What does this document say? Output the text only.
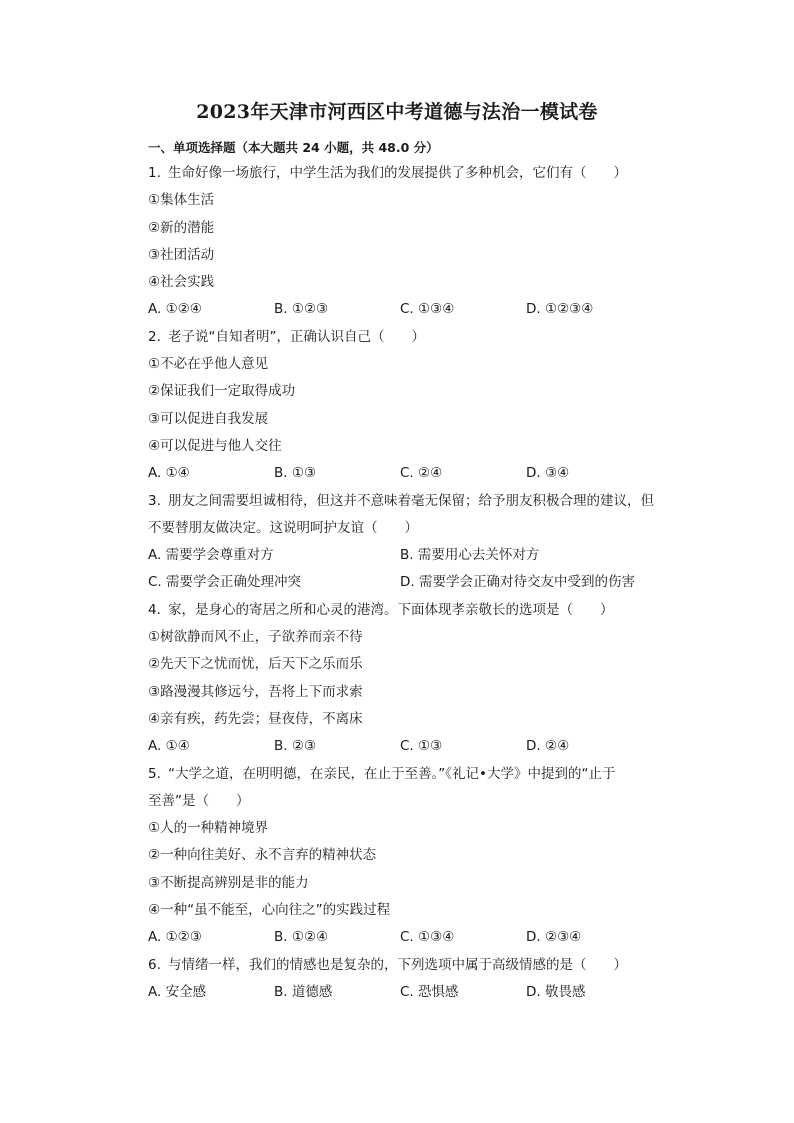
2023年天津市河西区中考道德与法治一模试卷
一、单项选择题（本大题共 24 小题，共 48.0 分）
1. 生命好像一场旅行，中学生活为我们的发展提供了多种机会，它们有（　　）
①集体生活
②新的潜能
③社团活动
④社会实践
A. ①②④	B. ①②③	C. ①③④	D. ①②③④
2. 老子说“自知者明”，正确认识自己（　　）
①不必在乎他人意见
②保证我们一定取得成功
③可以促进自我发展
④可以促进与他人交往
A. ①④	B. ①③	C. ②④	D. ③④
3. 朋友之间需要坦诚相待，但这并不意味着毫无保留；给予朋友积极合理的建议，但
不要替朋友做决定。这说明呵护友谊（　　）
A. 需要学会尊重对方	B. 需要用心去关怀对方
C. 需要学会正确处理冲突	D. 需要学会正确对待交友中受到的伤害
4. 家，是身心的寄居之所和心灵的港湾。下面体现孝亲敬长的选项是（　　）
①树欲静而风不止，子欲养而亲不待
②先天下之忧而忧，后天下之乐而乐
③路漫漫其修远兮，吾将上下而求索
④亲有疾，药先尝；昼夜侍，不离床
A. ①④	B. ②③	C. ①③	D. ②④
5. “大学之道，在明明德，在亲民，在止于至善。”《礼记•大学》中提到的“止于
至善”是（　　）
①人的一种精神境界
②一种向往美好、永不言弃的精神状态
③不断提高辨别是非的能力
④一种“虽不能至，心向往之”的实践过程
A. ①②③	B. ①②④	C. ①③④	D. ②③④
6. 与情绪一样，我们的情感也是复杂的，下列选项中属于高级情感的是（　　）
A. 安全感	B. 道德感	C. 恐惧感	D. 敬畏感
